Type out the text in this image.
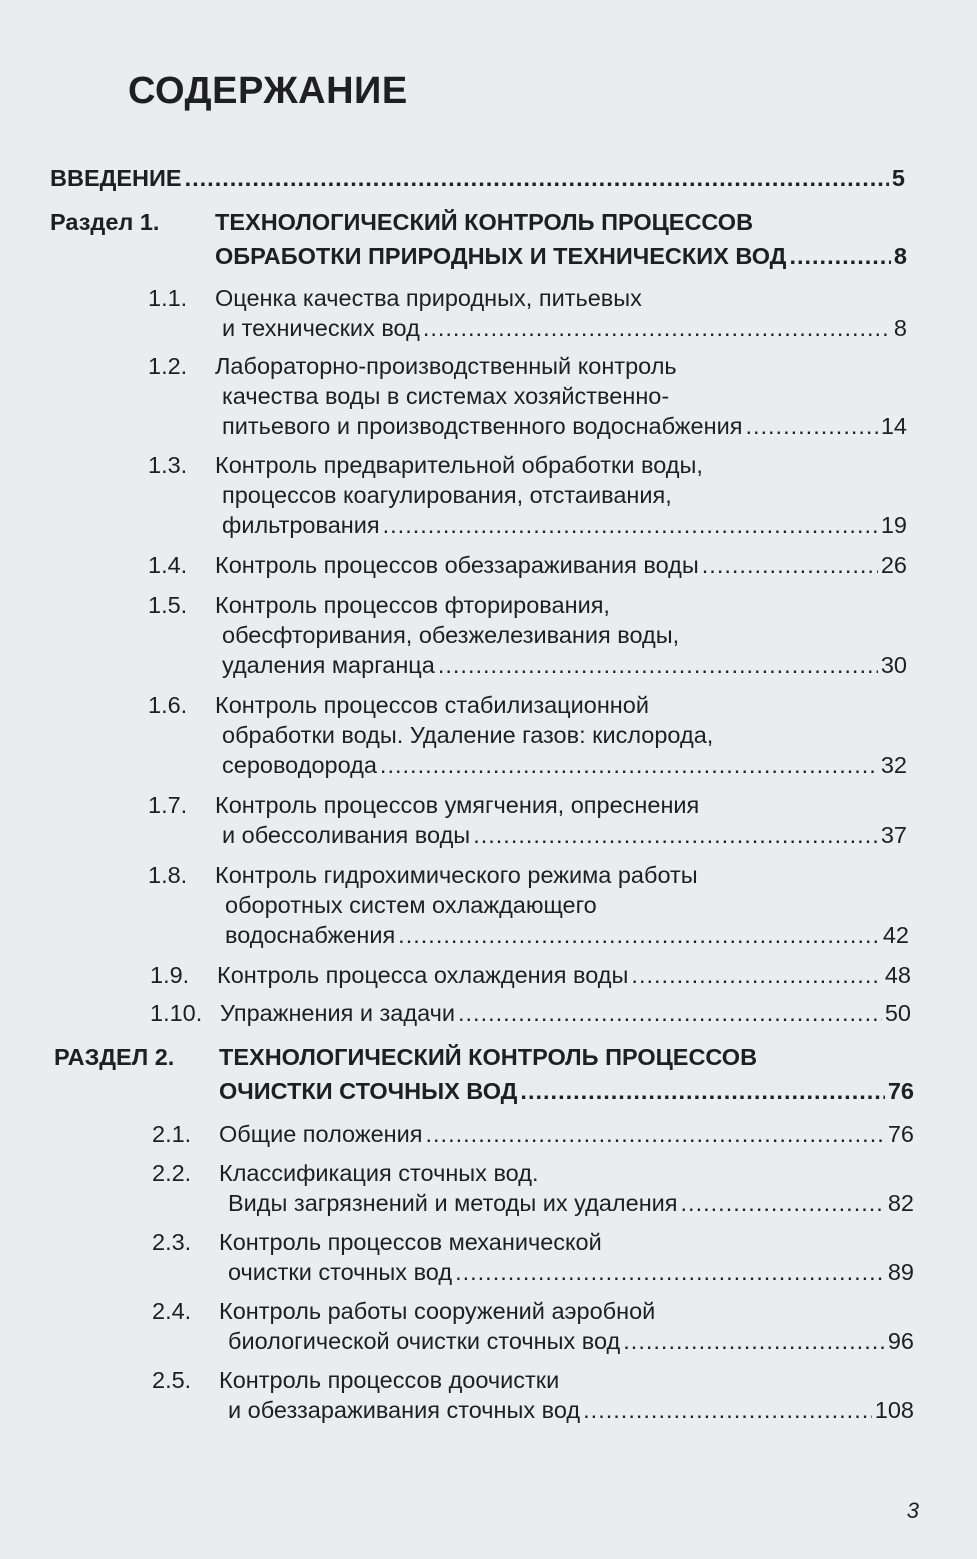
СОДЕРЖАНИЕ
ВВЕДЕНИЕ .....	5
Раздел 1. ТЕХНОЛОГИЧЕСКИЙ КОНТРОЛЬ ПРОЦЕССОВ
ОБРАБОТКИ ПРИРОДНЫХ И ТЕХНИЧЕСКИХ ВОД .....	8
1.1. Оценка качества природных, питьевых
и технических вод .....	8
1.2. Лабораторно-производственный контроль
качества воды в системах хозяйственно-
питьевого и производственного водоснабжения .....	14
1.3. Контроль предварительной обработки воды,
процессов коагулирования, отстаивания,
фильтрования .....	19
1.4. Контроль процессов обеззараживания воды .....	26
1.5. Контроль процессов фторирования,
обесфторивания, обезжелезивания воды,
удаления марганца .....	30
1.6. Контроль процессов стабилизационной
обработки воды. Удаление газов: кислорода,
сероводорода .....	32
1.7. Контроль процессов умягчения, опреснения
и обессоливания воды .....	37
1.8. Контроль гидрохимического режима работы
оборотных систем охлаждающего
водоснабжения .....	42
1.9. Контроль процесса охлаждения воды .....	48
1.10. Упражнения и задачи .....	50
РАЗДЕЛ 2. ТЕХНОЛОГИЧЕСКИЙ КОНТРОЛЬ ПРОЦЕССОВ
ОЧИСТКИ СТОЧНЫХ ВОД .....	76
2.1. Общие положения .....	76
2.2. Классификация сточных вод.
Виды загрязнений и методы их удаления .....	82
2.3. Контроль процессов механической
очистки сточных вод .....	89
2.4. Контроль работы сооружений аэробной
биологической очистки сточных вод .....	96
2.5. Контроль процессов доочистки
и обеззараживания сточных вод .....	108
3
